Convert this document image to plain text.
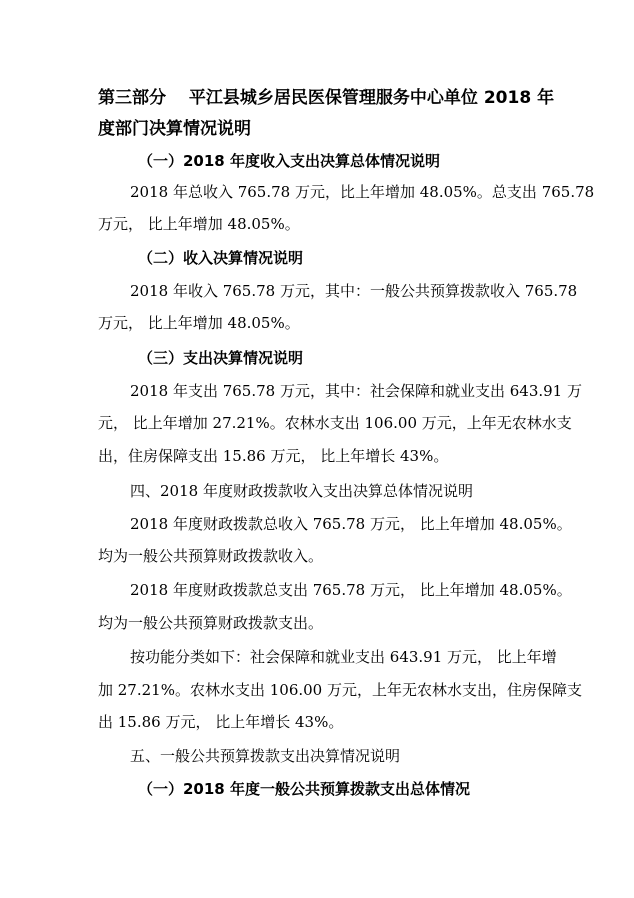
第三部分　 平江县城乡居民医保管理服务中心单位 2018 年
度部门决算情况说明
（一）2018 年度收入支出决算总体情况说明
2018 年总收入 765.78 万元，比上年增加 48.05%。总支出 765.78
万元， 比上年增加 48.05%。
（二）收入决算情况说明
2018 年收入 765.78 万元，其中：一般公共预算拨款收入 765.78
万元， 比上年增加 48.05%。
（三）支出决算情况说明
2018 年支出 765.78 万元，其中：社会保障和就业支出 643.91 万
元， 比上年增加 27.21%。农林水支出 106.00 万元，上年无农林水支
出，住房保障支出 15.86 万元， 比上年增长 43%。
四、2018 年度财政拨款收入支出决算总体情况说明
2018 年度财政拨款总收入 765.78 万元， 比上年增加 48.05%。
均为一般公共预算财政拨款收入。
2018 年度财政拨款总支出 765.78 万元， 比上年增加 48.05%。
均为一般公共预算财政拨款支出。
按功能分类如下：社会保障和就业支出 643.91 万元， 比上年增
加 27.21%。农林水支出 106.00 万元，上年无农林水支出，住房保障支
出 15.86 万元， 比上年增长 43%。
五、一般公共预算拨款支出决算情况说明
（一）2018 年度一般公共预算拨款支出总体情况
